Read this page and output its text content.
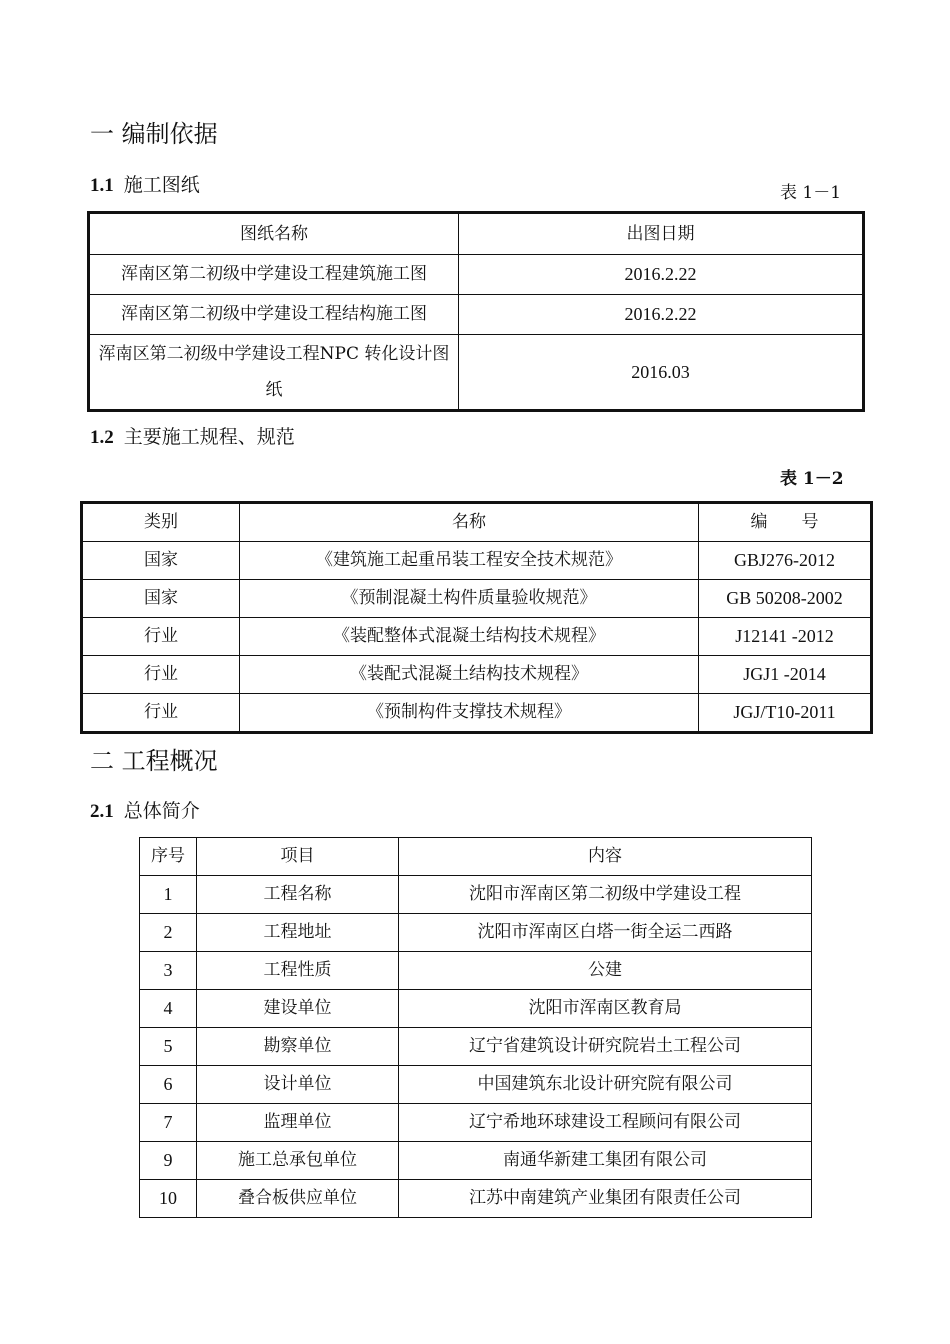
一 编制依据
1.1 施工图纸	表 1－1
图纸名称	出图日期
浑南区第二初级中学建设工程建筑施工图	2016.2.22
浑南区第二初级中学建设工程结构施工图	2016.2.22
浑南区第二初级中学建设工程NPC 转化设计图纸	2016.03
1.2 主要施工规程、规范
表 1－2
类别	名称	编　　号
国家	《建筑施工起重吊装工程安全技术规范》	GBJ276-2012
国家	《预制混凝土构件质量验收规范》	GB 50208-2002
行业	《装配整体式混凝土结构技术规程》	J12141 -2012
行业	《装配式混凝土结构技术规程》	JGJ1 -2014
行业	《预制构件支撑技术规程》	JGJ/T10-2011
二 工程概况
2.1 总体简介
序号	项目	内容
1	工程名称	沈阳市浑南区第二初级中学建设工程
2	工程地址	沈阳市浑南区白塔一街全运二西路
3	工程性质	公建
4	建设单位	沈阳市浑南区教育局
5	勘察单位	辽宁省建筑设计研究院岩土工程公司
6	设计单位	中国建筑东北设计研究院有限公司
7	监理单位	辽宁希地环球建设工程顾问有限公司
9	施工总承包单位	南通华新建工集团有限公司
10	叠合板供应单位	江苏中南建筑产业集团有限责任公司
